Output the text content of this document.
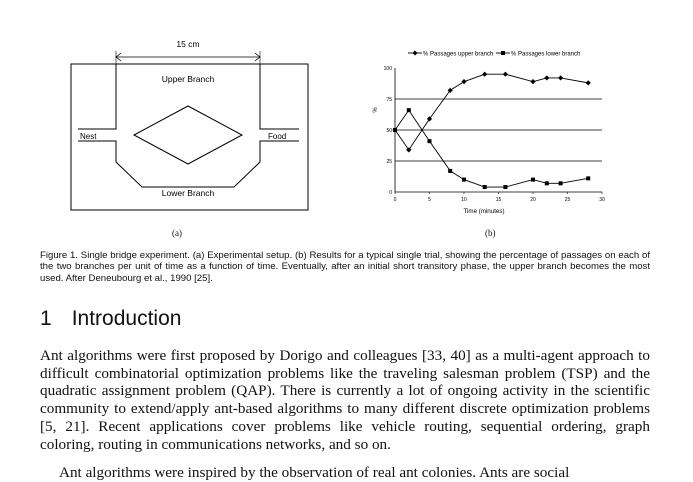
15 cm
Upper Branch
Lower Branch
Nest	Food
(a)
% Passages upper branch	% Passages lower branch
0
25
50
75
100
0	5	10	15	20	25	30
Time (minutes)
%
(b)
Figure 1. Single bridge experiment. (a) Experimental setup. (b) Results for a typical single trial, showing the percentage of passages on each of the two branches per unit of time as a function of time. Eventually, after an initial short transitory phase, the upper branch becomes the most used. After Deneubourg et al., 1990 [25].
1 Introduction
Ant algorithms were first proposed by Dorigo and colleagues [33, 40] as a multi-agent approach to difficult combinatorial optimization problems like the traveling salesman problem (TSP) and the quadratic assignment problem (QAP). There is currently a lot of ongoing activity in the scientific community to extend/apply ant-based algorithms to many different discrete optimization problems [5, 21]. Recent applications cover problems like vehicle routing, sequential ordering, graph coloring, routing in communications networks, and so on.
Ant algorithms were inspired by the observation of real ant colonies. Ants are social
